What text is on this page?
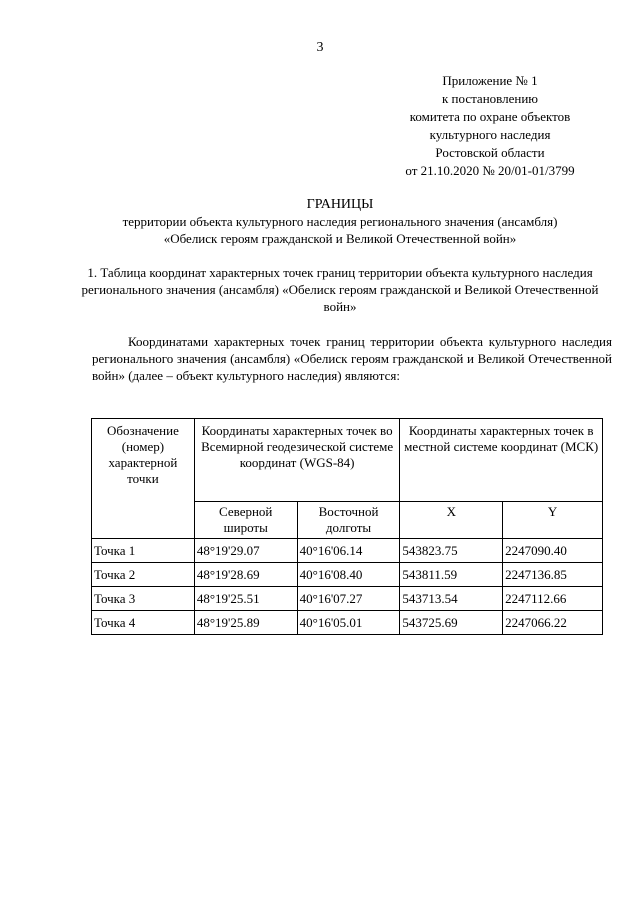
3
Приложение № 1
к постановлению
комитета по охране объектов
культурного наследия
Ростовской области
от 21.10.2020 № 20/01-01/3799
ГРАНИЦЫ
территории объекта культурного наследия регионального значения (ансамбля)
«Обелиск героям гражданской и Великой Отечественной войн»
1. Таблица координат характерных точек границ территории объекта культурного наследия регионального значения (ансамбля) «Обелиск героям гражданской и Великой Отечественной войн»
Координатами характерных точек границ территории объекта культурного наследия регионального значения (ансамбля) «Обелиск героям гражданской и Великой Отечественной войн» (далее – объект культурного наследия) являются:
Обозначение (номер) характерной точки	Координаты характерных точек во Всемирной геодезической системе координат (WGS-84)		Координаты характерных точек в местной системе координат (МСК)	
	Северной широты	Восточной долготы	X	Y
Точка 1	48°19'29.07	40°16'06.14	543823.75	2247090.40
Точка 2	48°19'28.69	40°16'08.40	543811.59	2247136.85
Точка 3	48°19'25.51	40°16'07.27	543713.54	2247112.66
Точка 4	48°19'25.89	40°16'05.01	543725.69	2247066.22
